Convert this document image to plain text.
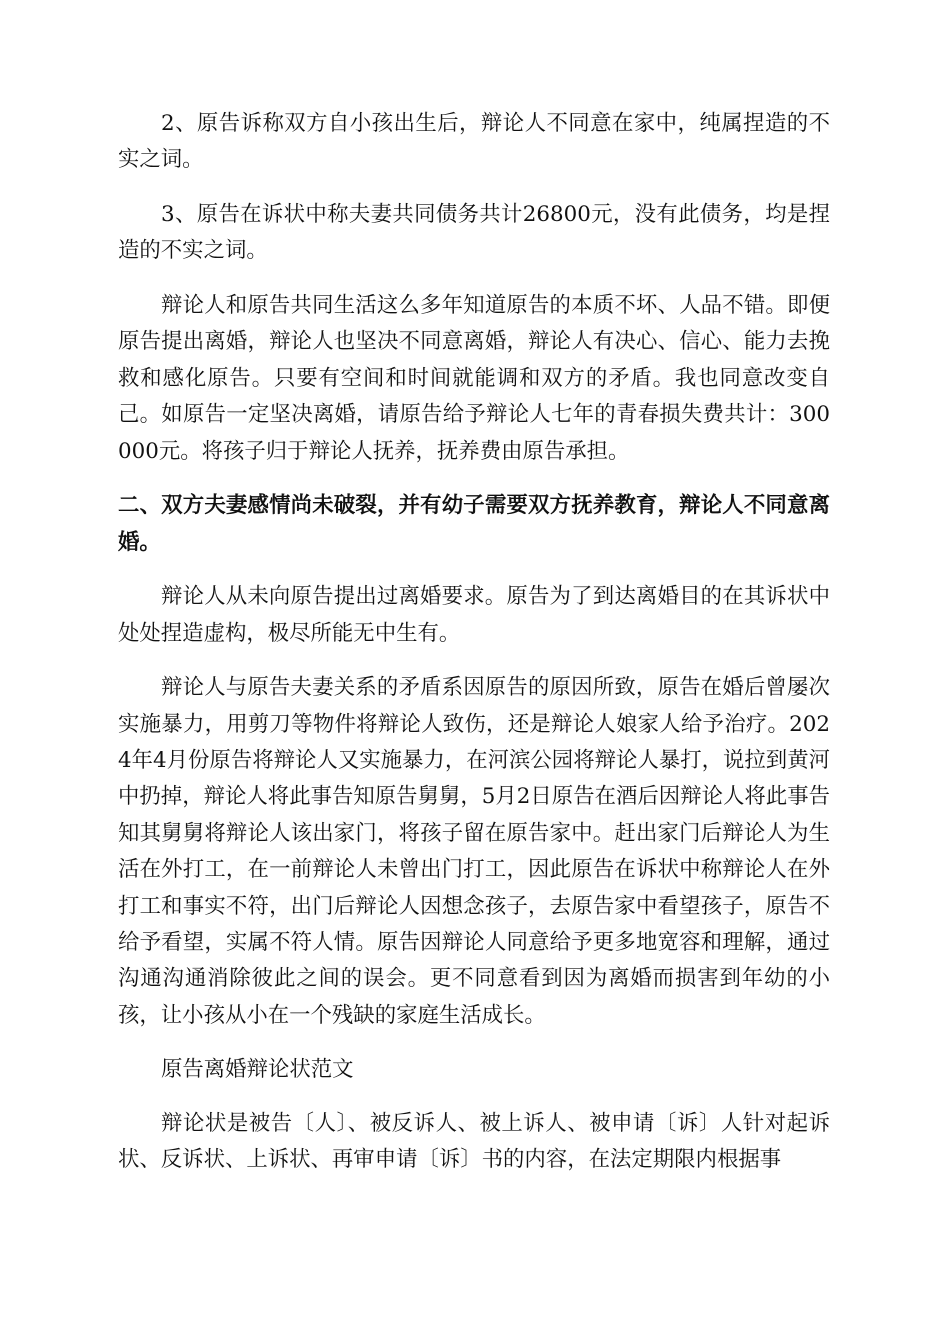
2、原告诉称双方自小孩出生后，辩论人不同意在家中，纯属捏造的不实之词。

3、原告在诉状中称夫妻共同债务共计26800元，没有此债务，均是捏造的不实之词。

辩论人和原告共同生活这么多年知道原告的本质不坏、人品不错。即便原告提出离婚，辩论人也坚决不同意离婚，辩论人有决心、信心、能力去挽救和感化原告。只要有空间和时间就能调和双方的矛盾。我也同意改变自己。如原告一定坚决离婚，请原告给予辩论人七年的青春损失费共计：300000元。将孩子归于辩论人抚养，抚养费由原告承担。

二、双方夫妻感情尚未破裂，并有幼子需要双方抚养教育，辩论人不同意离婚。

辩论人从未向原告提出过离婚要求。原告为了到达离婚目的在其诉状中处处捏造虚构，极尽所能无中生有。

辩论人与原告夫妻关系的矛盾系因原告的原因所致，原告在婚后曾屡次实施暴力，用剪刀等物件将辩论人致伤，还是辩论人娘家人给予治疗。2024年4月份原告将辩论人又实施暴力，在河滨公园将辩论人暴打，说拉到黄河中扔掉，辩论人将此事告知原告舅舅，5月2日原告在酒后因辩论人将此事告知其舅舅将辩论人该出家门，将孩子留在原告家中。赶出家门后辩论人为生活在外打工，在一前辩论人未曾出门打工，因此原告在诉状中称辩论人在外打工和事实不符，出门后辩论人因想念孩子，去原告家中看望孩子，原告不给予看望，实属不符人情。原告因辩论人同意给予更多地宽容和理解，通过沟通沟通消除彼此之间的误会。更不同意看到因为离婚而损害到年幼的小孩，让小孩从小在一个残缺的家庭生活成长。

原告离婚辩论状范文

辩论状是被告〔人〕、被反诉人、被上诉人、被申请〔诉〕人针对起诉状、反诉状、上诉状、再审申请〔诉〕书的内容，在法定期限内根据事
